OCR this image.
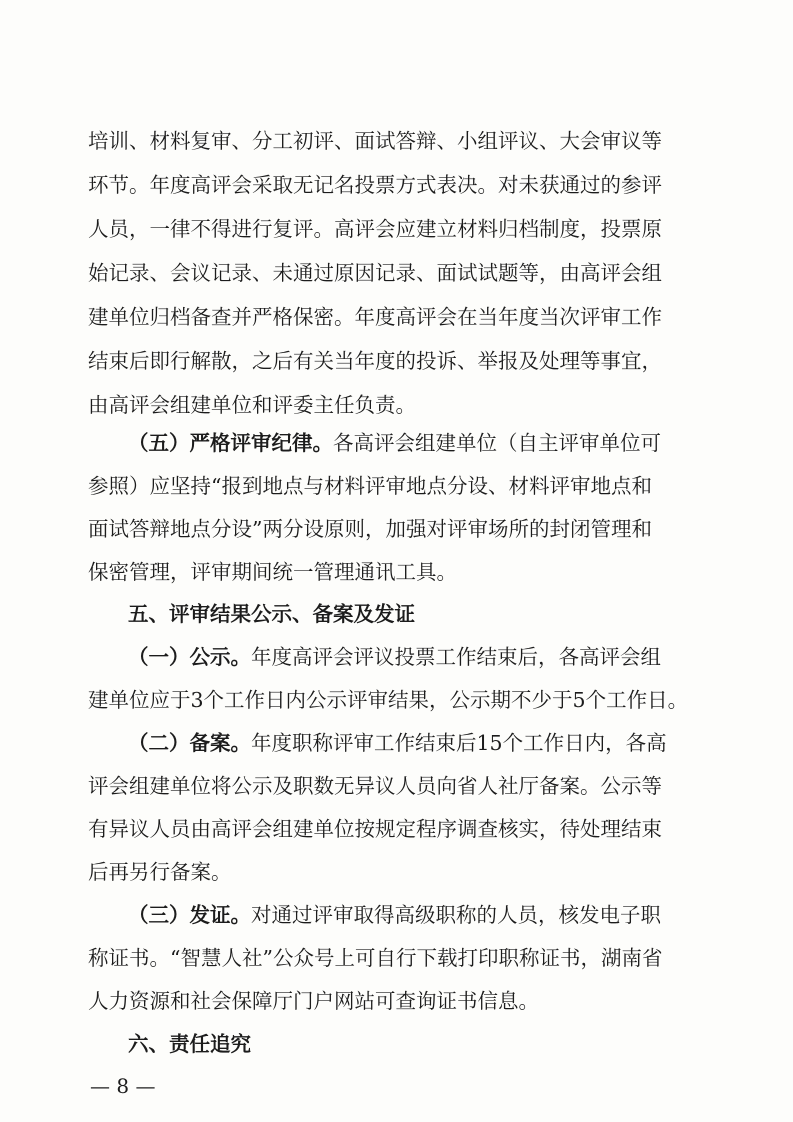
培训、材料复审、分工初评、面试答辩、小组评议、大会审议等
环节。年度高评会采取无记名投票方式表决。对未获通过的参评
人员，一律不得进行复评。高评会应建立材料归档制度，投票原
始记录、会议记录、未通过原因记录、面试试题等，由高评会组
建单位归档备查并严格保密。年度高评会在当年度当次评审工作
结束后即行解散，之后有关当年度的投诉、举报及处理等事宜，
由高评会组建单位和评委主任负责。
（五）严格评审纪律。各高评会组建单位（自主评审单位可
参照）应坚持“报到地点与材料评审地点分设、材料评审地点和
面试答辩地点分设”两分设原则，加强对评审场所的封闭管理和
保密管理，评审期间统一管理通讯工具。
五、评审结果公示、备案及发证
（一）公示。年度高评会评议投票工作结束后，各高评会组
建单位应于3个工作日内公示评审结果，公示期不少于5个工作日。
（二）备案。年度职称评审工作结束后15个工作日内，各高
评会组建单位将公示及职数无异议人员向省人社厅备案。公示等
有异议人员由高评会组建单位按规定程序调查核实，待处理结束
后再另行备案。
（三）发证。对通过评审取得高级职称的人员，核发电子职
称证书。“智慧人社”公众号上可自行下载打印职称证书，湖南省
人力资源和社会保障厅门户网站可查询证书信息。
六、责任追究
— 8 —
